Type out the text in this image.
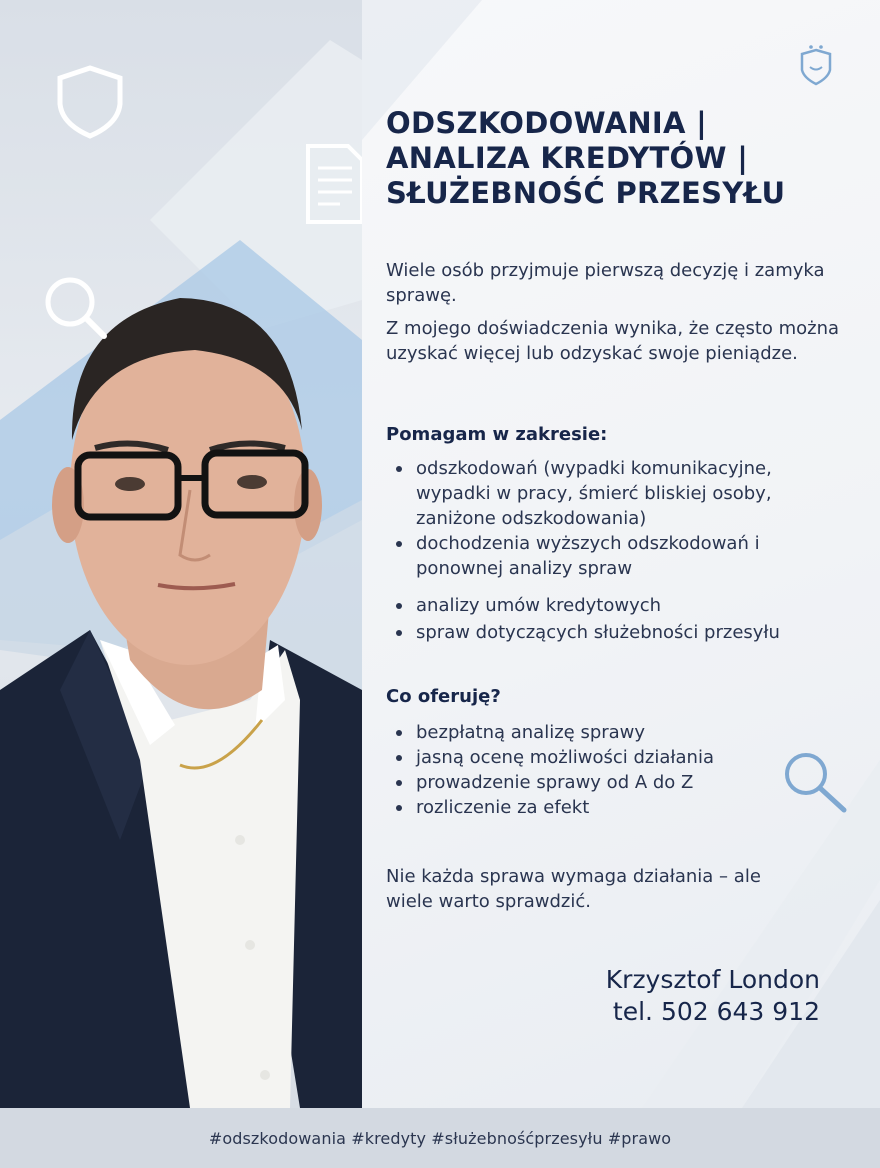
ODSZKODOWANIA |
ANALIZA KREDYTÓW |
SŁUŻEBNOŚĆ PRZESYŁU
Wiele osób przyjmuje pierwszą decyzję i zamyka sprawę.
Z mojego doświadczenia wynika, że często można uzyskać więcej lub odzyskać swoje pieniądze.
Pomagam w zakresie:
odszkodowań (wypadki komunikacyjne, wypadki w pracy, śmierć bliskiej osoby, zaniżone odszkodowania)
dochodzenia wyższych odszkodowań i ponownej analizy spraw
analizy umów kredytowych
spraw dotyczących służebności przesyłu
Co oferuję?
bezpłatną analizę sprawy
jasną ocenę możliwości działania
prowadzenie sprawy od A do Z
rozliczenie za efekt
Nie każda sprawa wymaga działania – ale wiele warto sprawdzić.
Krzysztof London
tel. 502 643 912
#odszkodowania #kredyty #służebnośćprzesyłu #prawo
